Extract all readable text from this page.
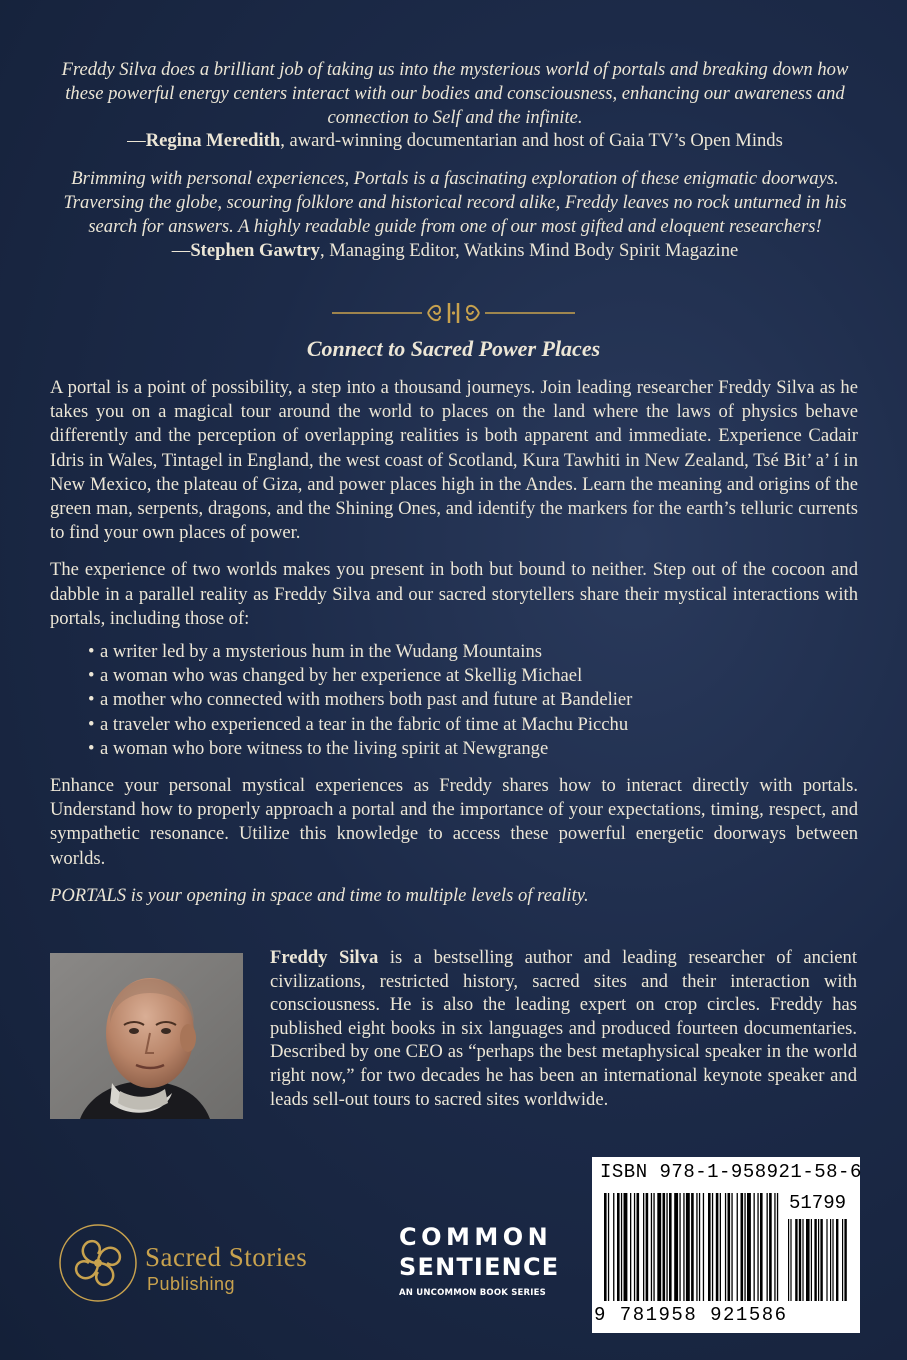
Freddy Silva does a brilliant job of taking us into the mysterious world of portals and breaking down how these powerful energy centers interact with our bodies and consciousness, enhancing our awareness and connection to Self and the infinite.

—Regina Meredith, award-winning documentarian and host of Gaia TV’s Open Minds

Brimming with personal experiences, Portals is a fascinating exploration of these enigmatic doorways. Traversing the globe, scouring folklore and historical record alike, Freddy leaves no rock unturned in his search for answers. A highly readable guide from one of our most gifted and eloquent researchers!

—Stephen Gawtry, Managing Editor, Watkins Mind Body Spirit Magazine

Connect to Sacred Power Places

A portal is a point of possibility, a step into a thousand journeys. Join leading researcher Freddy Silva as he takes you on a magical tour around the world to places on the land where the laws of physics behave differently and the perception of overlapping realities is both apparent and immediate. Experience Cadair Idris in Wales, Tintagel in England, the west coast of Scotland, Kura Tawhiti in New Zealand, Tsé Bit’ a’ í in New Mexico, the plateau of Giza, and power places high in the Andes. Learn the meaning and origins of the green man, serpents, dragons, and the Shining Ones, and identify the markers for the earth’s telluric currents to find your own places of power.

The experience of two worlds makes you present in both but bound to neither. Step out of the cocoon and dabble in a parallel reality as Freddy Silva and our sacred storytellers share their mystical interactions with portals, including those of:

• a writer led by a mysterious hum in the Wudang Mountains
• a woman who was changed by her experience at Skellig Michael
• a mother who connected with mothers both past and future at Bandelier
• a traveler who experienced a tear in the fabric of time at Machu Picchu
• a woman who bore witness to the living spirit at Newgrange

Enhance your personal mystical experiences as Freddy shares how to interact directly with portals. Understand how to properly approach a portal and the importance of your expectations, timing, respect, and sympathetic resonance. Utilize this knowledge to access these powerful energetic doorways between worlds.

PORTALS is your opening in space and time to multiple levels of reality.

Freddy Silva is a bestselling author and leading researcher of ancient civilizations, restricted history, sacred sites and their interaction with consciousness. He is also the leading expert on crop circles. Freddy has published eight books in six languages and produced fourteen documentaries. Described by one CEO as “perhaps the best metaphysical speaker in the world right now,” for two decades he has been an international keynote speaker and leads sell-out tours to sacred sites worldwide.
ISBN 978-1-958921-58-6
51799
9 781958 921586
Sacred Stories
Publishing
COMMON
SENTIENCE
AN UNCOMMON BOOK SERIES
